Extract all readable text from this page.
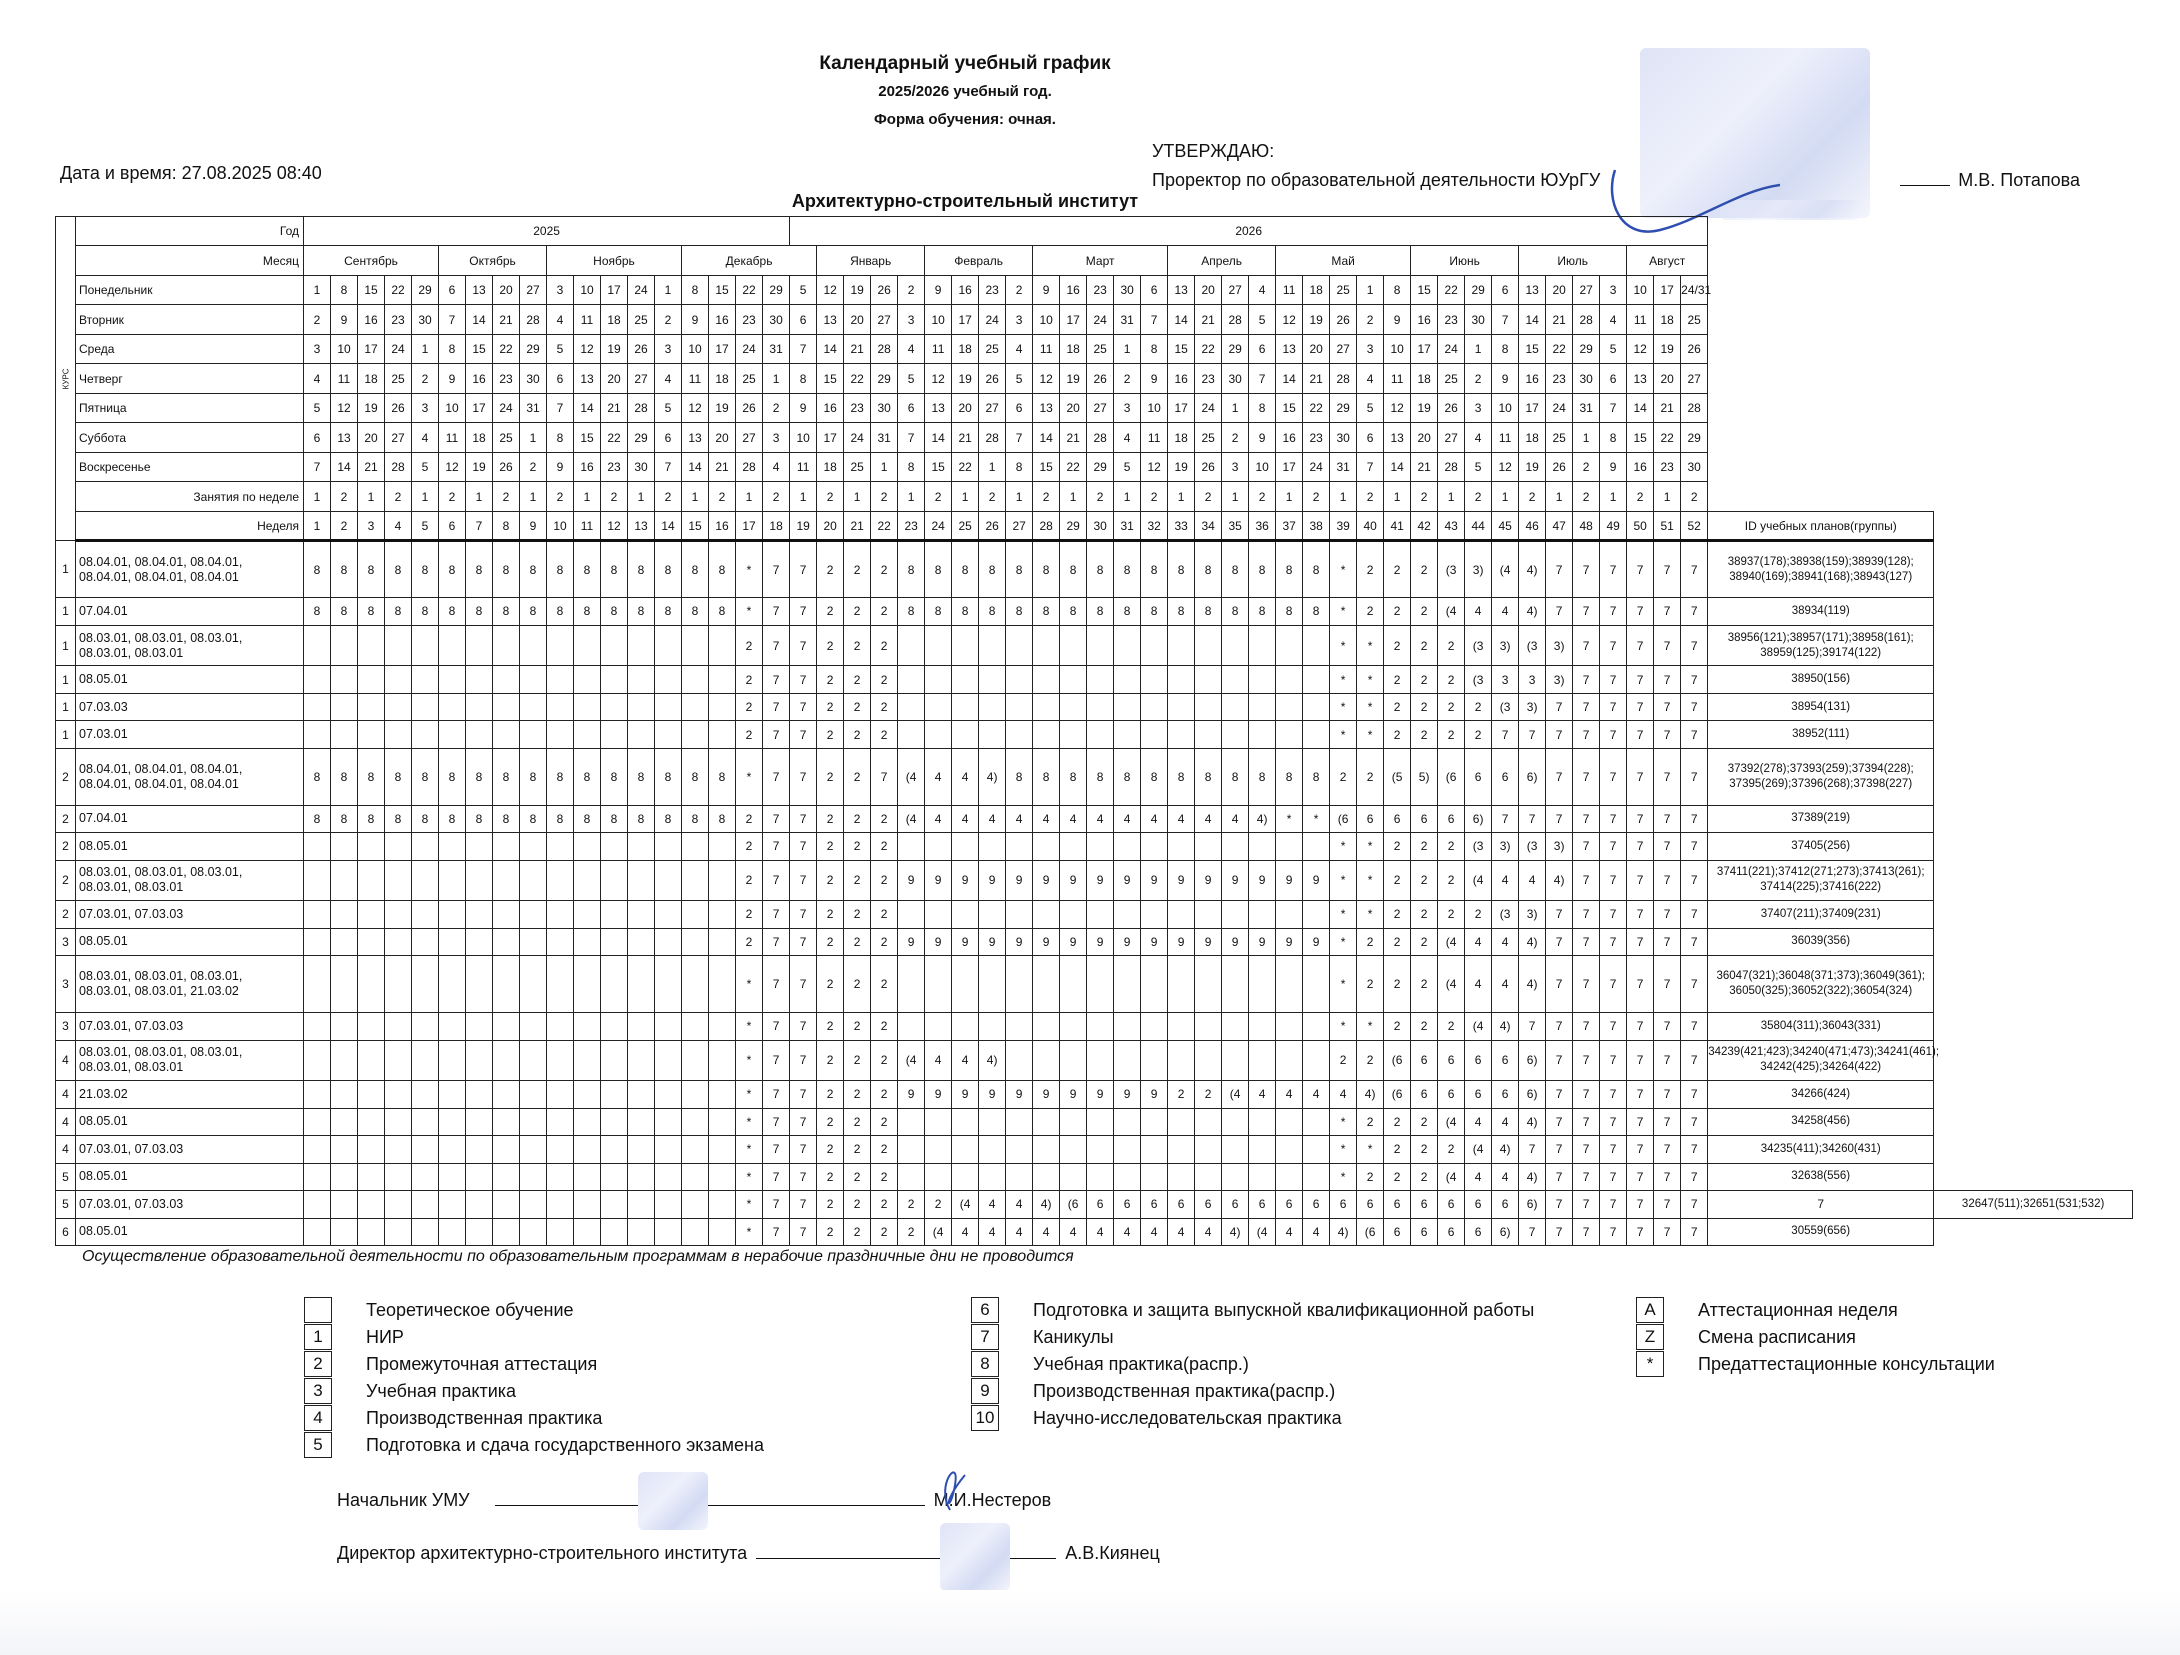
Календарный учебный график
2025/2026 учебный год.
Форма обучения: очная.
Дата и время: 27.08.2025 08:40
УТВЕРЖДАЮ:
Проректор по образовательной деятельности ЮУрГУ	М.В. Потапова
Архитектурно-строительный институт
КУРС	Год	2025																		2026																																			
	Месяц	Сентябрь					Октябрь				Ноябрь					Декабрь					Январь				Февраль				Март					Апрель				Май					Июнь				Июль				Август				
	Понедельник	1	8	15	22	29	6	13	20	27	3	10	17	24	1	8	15	22	29	5	12	19	26	2	9	16	23	2	9	16	23	30	6	13	20	27	4	11	18	25	1	8	15	22	29	6	13	20	27	3	10	17	24/31		
	Вторник	2	9	16	23	30	7	14	21	28	4	11	18	25	2	9	16	23	30	6	13	20	27	3	10	17	24	3	10	17	24	31	7	14	21	28	5	12	19	26	2	9	16	23	30	7	14	21	28	4	11	18	25		
	Среда	3	10	17	24	1	8	15	22	29	5	12	19	26	3	10	17	24	31	7	14	21	28	4	11	18	25	4	11	18	25	1	8	15	22	29	6	13	20	27	3	10	17	24	1	8	15	22	29	5	12	19	26		
	Четверг	4	11	18	25	2	9	16	23	30	6	13	20	27	4	11	18	25	1	8	15	22	29	5	12	19	26	5	12	19	26	2	9	16	23	30	7	14	21	28	4	11	18	25	2	9	16	23	30	6	13	20	27		
	Пятница	5	12	19	26	3	10	17	24	31	7	14	21	28	5	12	19	26	2	9	16	23	30	6	13	20	27	6	13	20	27	3	10	17	24	1	8	15	22	29	5	12	19	26	3	10	17	24	31	7	14	21	28		
	Суббота	6	13	20	27	4	11	18	25	1	8	15	22	29	6	13	20	27	3	10	17	24	31	7	14	21	28	7	14	21	28	4	11	18	25	2	9	16	23	30	6	13	20	27	4	11	18	25	1	8	15	22	29		
	Воскресенье	7	14	21	28	5	12	19	26	2	9	16	23	30	7	14	21	28	4	11	18	25	1	8	15	22	1	8	15	22	29	5	12	19	26	3	10	17	24	31	7	14	21	28	5	12	19	26	2	9	16	23	30		
	Занятия по неделе	1	2	1	2	1	2	1	2	1	2	1	2	1	2	1	2	1	2	1	2	1	2	1	2	1	2	1	2	1	2	1	2	1	2	1	2	1	2	1	2	1	2	1	2	1	2	1	2	1	2	1	2		
	Неделя	1	2	3	4	5	6	7	8	9	10	11	12	13	14	15	16	17	18	19	20	21	22	23	24	25	26	27	28	29	30	31	32	33	34	35	36	37	38	39	40	41	42	43	44	45	46	47	48	49	50	51	52	ID учебных планов(группы)	
1	08.04.01, 08.04.01, 08.04.01,
08.04.01, 08.04.01, 08.04.01	8	8	8	8	8	8	8	8	8	8	8	8	8	8	8	8	*	7	7	2	2	2	8	8	8	8	8	8	8	8	8	8	8	8	8	8	8	8	*	2	2	2	(3	3)	(4	4)	7	7	7	7	7	7	38937(178);38938(159);38939(128);
38940(169);38941(168);38943(127)	
1	07.04.01	8	8	8	8	8	8	8	8	8	8	8	8	8	8	8	8	*	7	7	2	2	2	8	8	8	8	8	8	8	8	8	8	8	8	8	8	8	8	*	2	2	2	(4	4	4	4)	7	7	7	7	7	7	38934(119)	
1	08.03.01, 08.03.01, 08.03.01,
08.03.01, 08.03.01																	2	7	7	2	2	2																	*	*	2	2	2	(3	3)	(3	3)	7	7	7	7	7	38956(121);38957(171);38958(161);
38959(125);39174(122)	
1	08.05.01																	2	7	7	2	2	2																	*	*	2	2	2	(3	3	3	3)	7	7	7	7	7	38950(156)	
1	07.03.03																	2	7	7	2	2	2																	*	*	2	2	2	2	(3	3)	7	7	7	7	7	7	38954(131)	
1	07.03.01																	2	7	7	2	2	2																	*	*	2	2	2	2	7	7	7	7	7	7	7	7	38952(111)	
2	08.04.01, 08.04.01, 08.04.01,
08.04.01, 08.04.01, 08.04.01	8	8	8	8	8	8	8	8	8	8	8	8	8	8	8	8	*	7	7	2	2	7	(4	4	4	4)	8	8	8	8	8	8	8	8	8	8	8	8	2	2	(5	5)	(6	6	6	6)	7	7	7	7	7	7	37392(278);37393(259);37394(228);
37395(269);37396(268);37398(227)	
2	07.04.01	8	8	8	8	8	8	8	8	8	8	8	8	8	8	8	8	2	7	7	2	2	2	(4	4	4	4	4	4	4	4	4	4	4	4	4	4)	*	*	(6	6	6	6	6	6)	7	7	7	7	7	7	7	7	37389(219)	
2	08.05.01																	2	7	7	2	2	2																	*	*	2	2	2	(3	3)	(3	3)	7	7	7	7	7	37405(256)	
2	08.03.01, 08.03.01, 08.03.01,
08.03.01, 08.03.01																	2	7	7	2	2	2	9	9	9	9	9	9	9	9	9	9	9	9	9	9	9	9	*	*	2	2	2	(4	4	4	4)	7	7	7	7	7	37411(221);37412(271;273);37413(261);
37414(225);37416(222)	
2	07.03.01, 07.03.03																	2	7	7	2	2	2																	*	*	2	2	2	2	(3	3)	7	7	7	7	7	7	37407(211);37409(231)	
3	08.05.01																	2	7	7	2	2	2	9	9	9	9	9	9	9	9	9	9	9	9	9	9	9	9	*	2	2	2	(4	4	4	4)	7	7	7	7	7	7	36039(356)	
3	08.03.01, 08.03.01, 08.03.01,
08.03.01, 08.03.01, 21.03.02																	*	7	7	2	2	2																	*	2	2	2	(4	4	4	4)	7	7	7	7	7	7	36047(321);36048(371;373);36049(361);
36050(325);36052(322);36054(324)	
3	07.03.01, 07.03.03																	*	7	7	2	2	2																	*	*	2	2	2	(4	4)	7	7	7	7	7	7	7	35804(311);36043(331)	
4	08.03.01, 08.03.01, 08.03.01,
08.03.01, 08.03.01																	*	7	7	2	2	2	(4	4	4	4)													2	2	(6	6	6	6	6	6)	7	7	7	7	7	7	34239(421;423);34240(471;473);34241(461);
34242(425);34264(422)	
4	21.03.02																	*	7	7	2	2	2	9	9	9	9	9	9	9	9	9	9	2	2	(4	4	4	4	4	4)	(6	6	6	6	6	6)	7	7	7	7	7	7	34266(424)	
4	08.05.01																	*	7	7	2	2	2																	*	2	2	2	(4	4	4	4)	7	7	7	7	7	7	34258(456)	
4	07.03.01, 07.03.03																	*	7	7	2	2	2																	*	*	2	2	2	(4	4)	7	7	7	7	7	7	7	34235(411);34260(431)	
5	08.05.01																	*	7	7	2	2	2																	*	2	2	2	(4	4	4	4)	7	7	7	7	7	7	32638(556)	
5	07.03.01, 07.03.03																	*	7	7	2	2	2	2	2	(4	4	4	4)	(6	6	6	6	6	6	6	6	6	6	6	6	6	6	6	6	6	6)	7	7	7	7	7	7	7	32647(511);32651(531;532)
6	08.05.01																	*	7	7	2	2	2	2	(4	4	4	4	4	4	4	4	4	4	4	4)	(4	4	4	4)	(6	6	6	6	6	6)	7	7	7	7	7	7	7	30559(656)	
Осуществление образовательной деятельности по образовательным программам в нерабочие праздничные дни не проводится
Теоретическое обучение
1	НИР
2	Промежуточная аттестация
3	Учебная практика
4	Производственная практика
5	Подготовка и сдача государственного экзамена
6	Подготовка и защита выпускной квалификационной работы
7	Каникулы
8	Учебная практика(распр.)
9	Производственная практика(распр.)
10 Научно-исследовательская практика
A	Аттестационная неделя
Z	Смена расписания
*	Предаттестационные консультации
Начальник УМУ	М.И.Нестеров
Директор архитектурно-строительного института	А.В.Киянец
